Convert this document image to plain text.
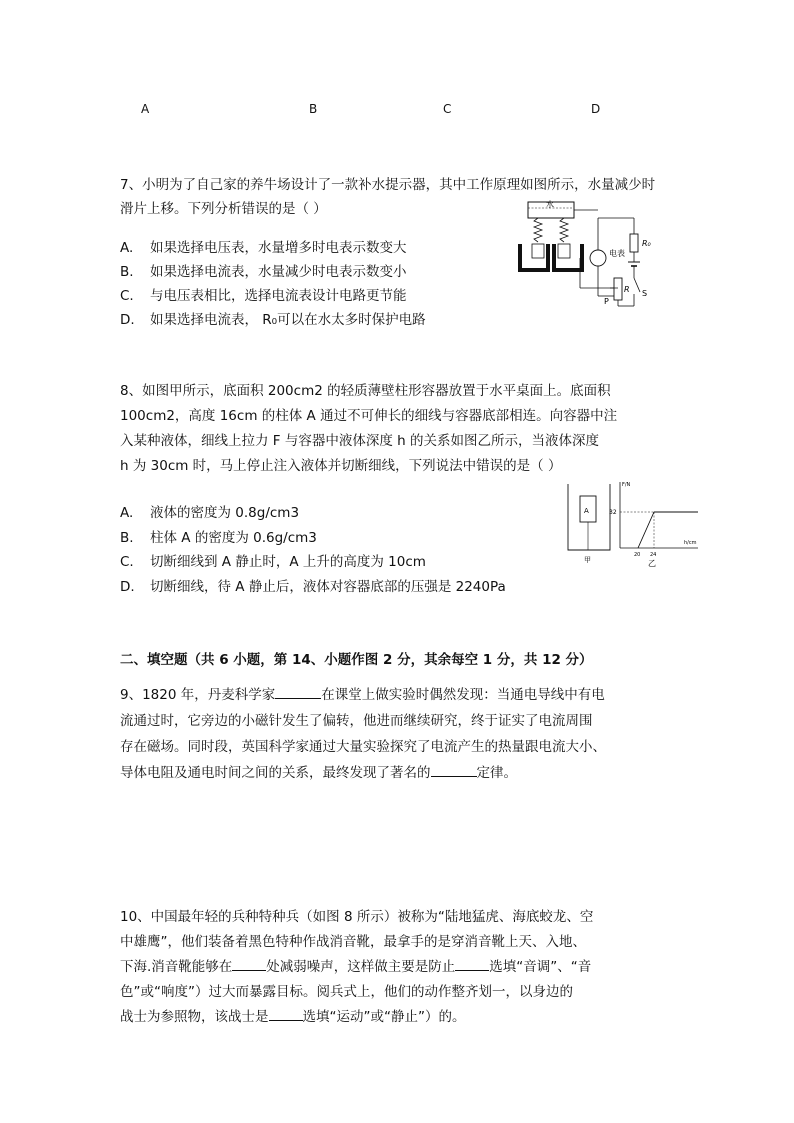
A	B	C	D
7、小明为了自己家的养牛场设计了一款补水提示器，其中工作原理如图所示，水量减少时
滑片上移。下列分析错误的是（ ）
A. 如果选择电压表，水量增多时电表示数变大
B. 如果选择电流表，水量减少时电表示数变小
C. 与电压表相比，选择电流表设计电路更节能
D. 如果选择电流表， R₀可以在水太多时保护电路
水
电表
R₀
S
R
P
8、如图甲所示，底面积 200cm2 的轻质薄壁柱形容器放置于水平桌面上。底面积
100cm2，高度 16cm 的柱体 A 通过不可伸长的细线与容器底部相连。向容器中注
入某种液体，细线上拉力 F 与容器中液体深度 h 的关系如图乙所示，当液体深度
h 为 30cm 时，马上停止注入液体并切断细线，下列说法中错误的是（ ）
A. 液体的密度为 0.8g/cm3
B. 柱体 A 的密度为 0.6g/cm3
C. 切断细线到 A 静止时，A 上升的高度为 10cm
D. 切断细线，待 A 静止后，液体对容器底部的压强是 2240Pa
A
甲
F/N
h/cm
32
20 24
乙
二、填空题（共 6 小题，第 14、小题作图 2 分，其余每空 1 分，共 12 分）
9、1820 年，丹麦科学家	在课堂上做实验时偶然发现：当通电导线中有电
流通过时，它旁边的小磁针发生了偏转，他进而继续研究，终于证实了电流周围
存在磁场。同时段，英国科学家通过大量实验探究了电流产生的热量跟电流大小、
导体电阻及通电时间之间的关系，最终发现了著名的	定律。
10、中国最年轻的兵种特种兵（如图 8 所示）被称为“陆地猛虎、海底蛟龙、空
中雄鹰”，他们装备着黑色特种作战消音靴，最拿手的是穿消音靴上天、入地、
下海.消音靴能够在	处减弱噪声，这样做主要是防止	选填“音调”、“音
色”或“响度”）过大而暴露目标。阅兵式上，他们的动作整齐划一，以身边的
战士为参照物，该战士是	选填“运动”或“静止”）的。
